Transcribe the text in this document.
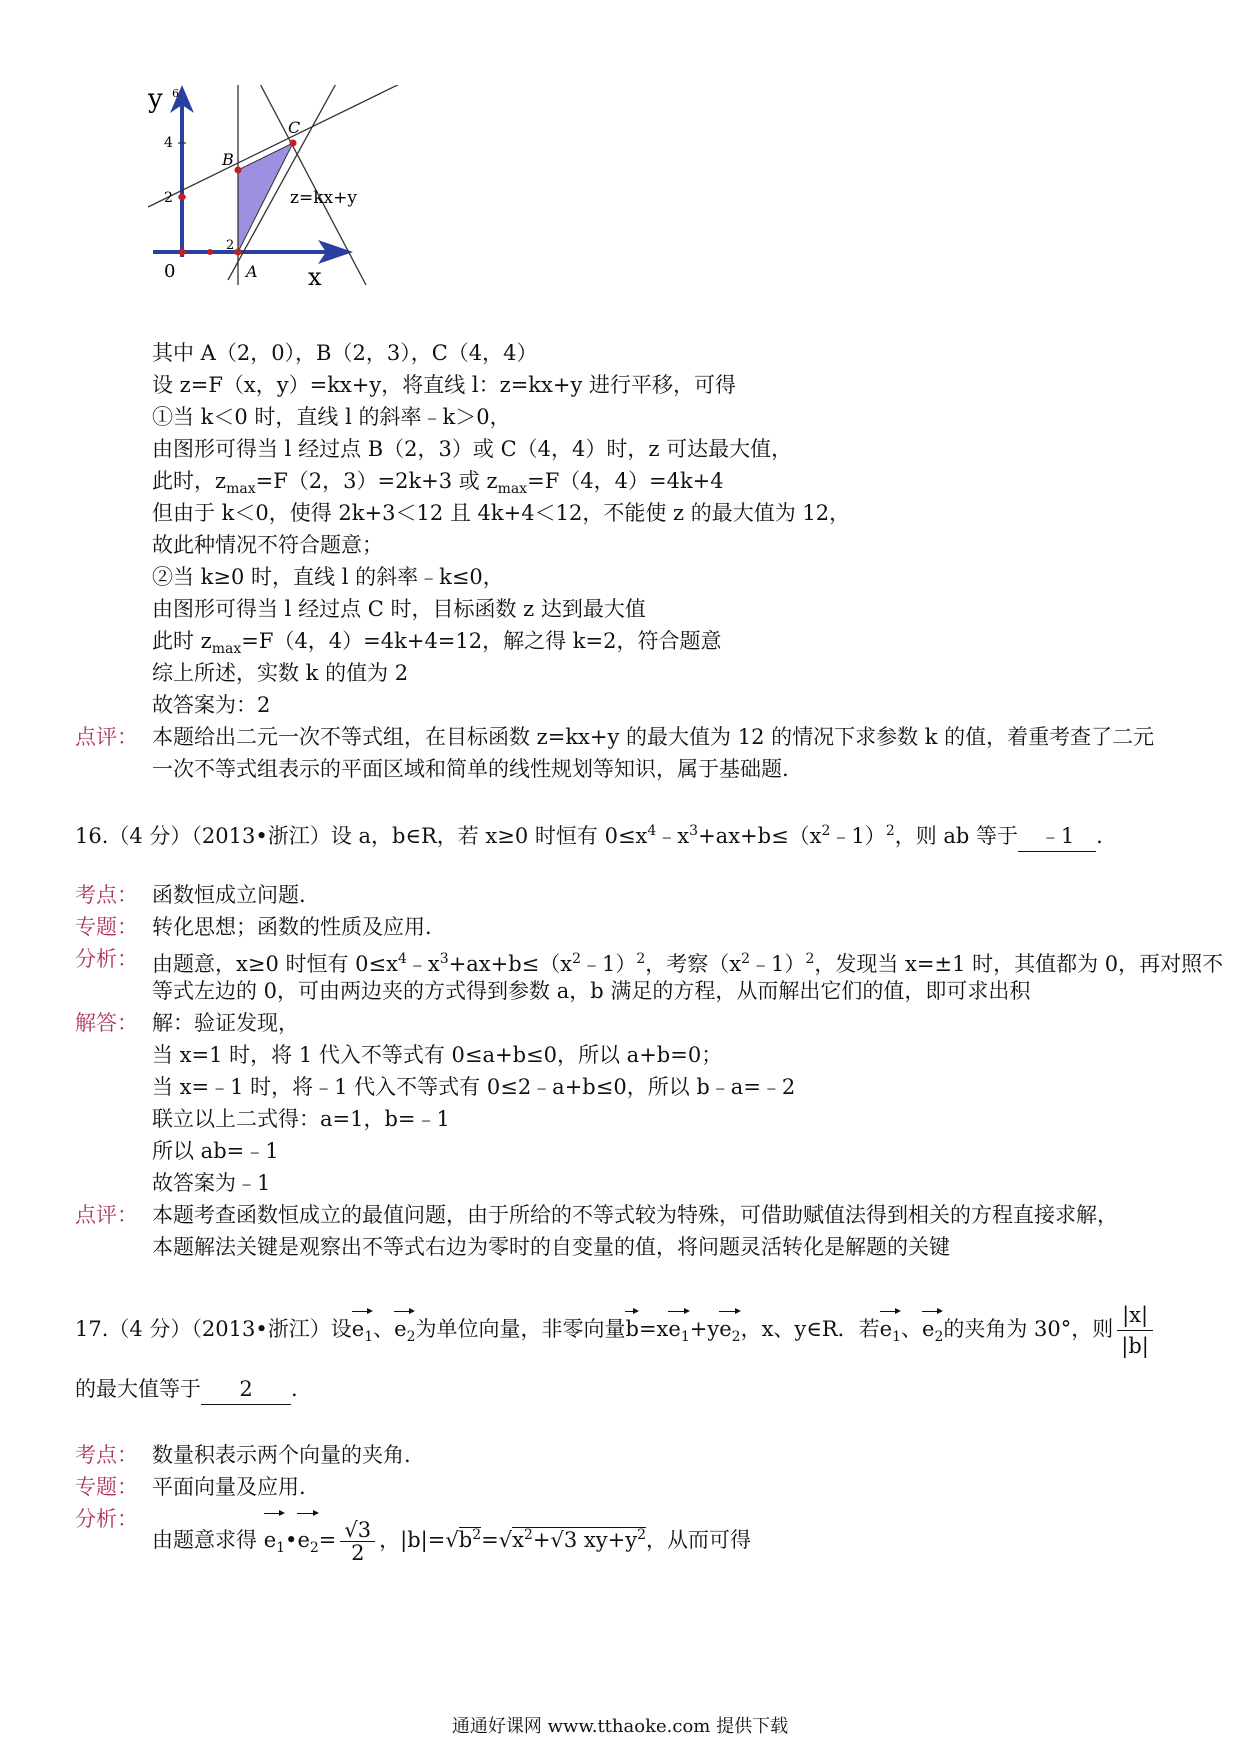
y 6
4
2
2
0	A
B
C
x
z=kx+y
其中 A（2，0），B（2，3），C（4，4）
设 z=F（x，y）=kx+y，将直线 l：z=kx+y 进行平移，可得
①当 k＜0 时，直线 l 的斜率﹣k＞0，
由图形可得当 l 经过点 B（2，3）或 C（4，4）时，z 可达最大值，
此时，$z_{max}=F(2$，3）=2k+3 或 $z_{max}=F(4$，4）=4k+4
但由于 k＜0，使得 2k+3＜12 且 4k+4＜12，不能使 z 的最大值为 12，
故此种情况不符合题意；
②当 k≥0 时，直线 l 的斜率﹣k≤0，
由图形可得当 l 经过点 C 时，目标函数 z 达到最大值
此时 $z_{max}=F(4$，4）=4k+4=12，解之得 k=2，符合题意
综上所述，实数 k 的值为 2
故答案为：2
点评： 本题给出二元一次不等式组，在目标函数 z=kx+y 的最大值为 12 的情况下求参数 k 的值，着重考查了二元
一次不等式组表示的平面区域和简单的线性规划等知识，属于基础题.
16.（4 分）（2013•浙江）设 a，b∈R，若 x≥0 时恒有 $0\le x^4﹣x^3+ax+b\le(x^2﹣1)^2$，则 ab 等于 ﹣1 .
考点： 函数恒成立问题.
专题： 转化思想；函数的性质及应用.
分析： 由题意，x≥0 时恒有 $0\le x^4﹣x^3+ax+b\le(x^2﹣1)^2$，考察$(x^2﹣1)^2$，发现当 x=±1 时，其值都为 0，再对照不
等式左边的 0，可由两边夹的方式得到参数 a，b 满足的方程，从而解出它们的值，即可求出积
解答： 解：验证发现，
当 x=1 时，将 1 代入不等式有 0≤a+b≤0，所以 a+b=0；
当 x=﹣1 时，将﹣1 代入不等式有 0≤2﹣a+b≤0，所以 b﹣a=﹣2
联立以上二式得：a=1，b=﹣1
所以 ab=﹣1
故答案为﹣1
点评： 本题考查函数恒成立的最值问题，由于所给的不等式较为特殊，可借助赋值法得到相关的方程直接求解，
本题解法关键是观察出不等式右边为零时的自变量的值，将问题灵活转化是解题的关键
17.（4 分）（2013•浙江）设$e_1$、$e_2$为单位向量，非零向量$b=xe_1+ye_2$，x、y∈R．若$e_1$、$e_2$的夹角为 30°，则 $\frac{|x|}{|b|}$
的最大值等于 2 .
考点： 数量积表示两个向量的夹角.
专题： 平面向量及应用.
分析：
由题意求得 $e_1•e_2= \frac{√3}{2}$ ，$|b|=√b^2=√x^2+√3$ $xy+y^2$，从而可得
通通好课网 www.tthaoke.com 提供下载
